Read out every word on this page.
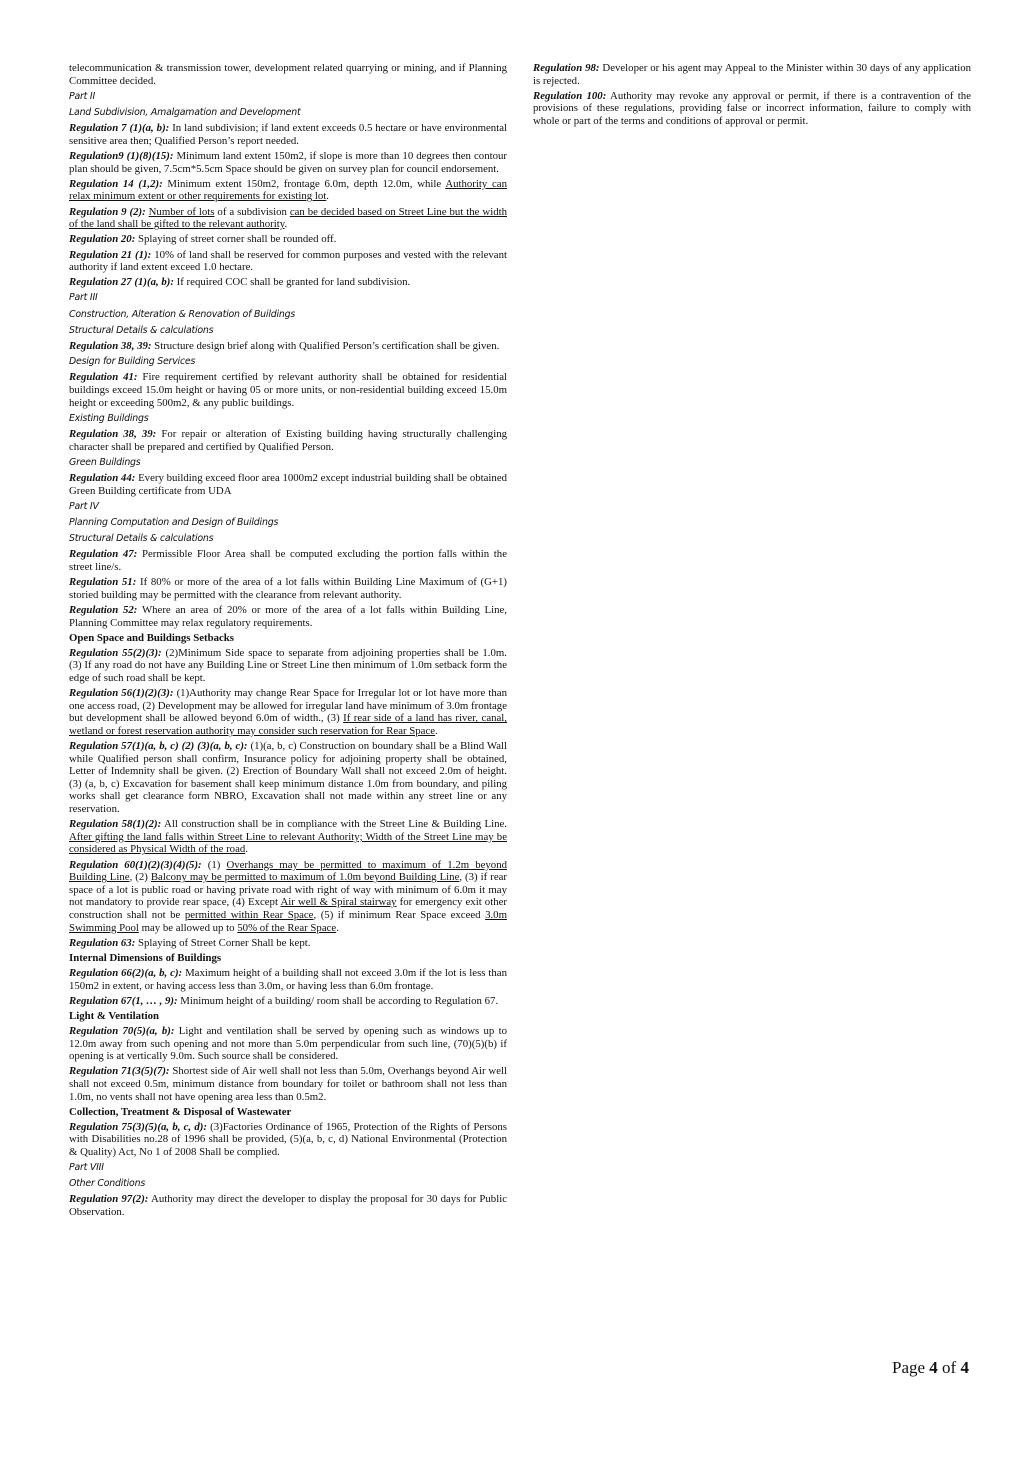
telecommunication & transmission tower, development related quarrying or mining, and if Planning Committee decided.

Part II
Land Subdivision, Amalgamation and Development

Regulation 7 (1)(a, b): In land subdivision; if land extent exceeds 0.5 hectare or have environmental sensitive area then; Qualified Person’s report needed.

Regulation9 (1)(8)(15): Minimum land extent 150m2, if slope is more than 10 degrees then contour plan should be given, 7.5cm*5.5cm Space should be given on survey plan for council endorsement.

Regulation 14 (1,2): Minimum extent 150m2, frontage 6.0m, depth 12.0m, while Authority can relax minimum extent or other requirements for existing lot.

Regulation 9 (2): Number of lots of a subdivision can be decided based on Street Line but the width of the land shall be gifted to the relevant authority.

Regulation 20: Splaying of street corner shall be rounded off.

Regulation 21 (1): 10% of land shall be reserved for common purposes and vested with the relevant authority if land extent exceed 1.0 hectare.

Regulation 27 (1)(a, b): If required COC shall be granted for land subdivision.

Part III
Construction, Alteration & Renovation of Buildings
Structural Details & calculations

Regulation 38, 39: Structure design brief along with Qualified Person’s certification shall be given.

Design for Building Services

Regulation 41: Fire requirement certified by relevant authority shall be obtained for residential buildings exceed 15.0m height or having 05 or more units, or non-residential building exceed 15.0m height or exceeding 500m2, & any public buildings.

Existing Buildings

Regulation 38, 39: For repair or alteration of Existing building having structurally challenging character shall be prepared and certified by Qualified Person.

Green Buildings

Regulation 44: Every building exceed floor area 1000m2 except industrial building shall be obtained Green Building certificate from UDA

Part IV
Planning Computation and Design of Buildings
Structural Details & calculations

Regulation 47: Permissible Floor Area shall be computed excluding the portion falls within the street line/s.

Regulation 51: If 80% or more of the area of a lot falls within Building Line Maximum of (G+1) storied building may be permitted with the clearance from relevant authority.

Regulation 52: Where an area of 20% or more of the area of a lot falls within Building Line, Planning Committee may relax regulatory requirements.

Open Space and Buildings Setbacks

Regulation 55(2)(3): (2)Minimum Side space to separate from adjoining properties shall be 1.0m. (3) If any road do not have any Building Line or Street Line then minimum of 1.0m setback form the edge of such road shall be kept.

Regulation 56(1)(2)(3): (1)Authority may change Rear Space for Irregular lot or lot have more than one access road, (2) Development may be allowed for irregular land have minimum of 3.0m frontage but development shall be allowed beyond 6.0m of width., (3) If rear side of a land has river, canal, wetland or forest reservation authority may consider such reservation for Rear Space.

Regulation 57(1)(a, b, c) (2) (3)(a, b, c): (1)(a, b, c) Construction on boundary shall be a Blind Wall while Qualified person shall confirm, Insurance policy for adjoining property shall be obtained, Letter of Indemnity shall be given. (2) Erection of Boundary Wall shall not exceed 2.0m of height. (3) (a, b, c) Excavation for basement shall keep minimum distance 1.0m from boundary, and piling works shall get clearance form NBRO, Excavation shall not made within any street line or any reservation.

Regulation 58(1)(2): All construction shall be in compliance with the Street Line & Building Line. After gifting the land falls within Street Line to relevant Authority; Width of the Street Line may be considered as Physical Width of the road.

Regulation 60(1)(2)(3)(4)(5): (1) Overhangs may be permitted to maximum of 1.2m beyond Building Line, (2) Balcony may be permitted to maximum of 1.0m beyond Building Line, (3) if rear space of a lot is public road or having private road with right of way with minimum of 6.0m it may not mandatory to provide rear space, (4) Except Air well & Spiral stairway for emergency exit other construction shall not be permitted within Rear Space, (5) if minimum Rear Space exceed 3.0m Swimming Pool may be allowed up to 50% of the Rear Space.

Regulation 63: Splaying of Street Corner Shall be kept.

Internal Dimensions of Buildings

Regulation 66(2)(a, b, c): Maximum height of a building shall not exceed 3.0m if the lot is less than 150m2 in extent, or having access less than 3.0m, or having less than 6.0m frontage.

Regulation 67(1, … , 9): Minimum height of a building/ room shall be according to Regulation 67.

Light & Ventilation

Regulation 70(5)(a, b): Light and ventilation shall be served by opening such as windows up to 12.0m away from such opening and not more than 5.0m perpendicular from such line, (70)(5)(b) if opening is at vertically 9.0m. Such source shall be considered.

Regulation 71(3(5)(7): Shortest side of Air well shall not less than 5.0m, Overhangs beyond Air well shall not exceed 0.5m, minimum distance from boundary for toilet or bathroom shall not less than 1.0m, no vents shall not have opening area less than 0.5m2.

Collection, Treatment & Disposal of Wastewater

Regulation 75(3)(5)(a, b, c, d): (3)Factories Ordinance of 1965, Protection of the Rights of Persons with Disabilities no.28 of 1996 shall be provided, (5)(a, b, c, d) National Environmental (Protection & Quality) Act, No 1 of 2008 Shall be complied.

Part VIII
Other Conditions

Regulation 97(2): Authority may direct the developer to display the proposal for 30 days for Public Observation.

Regulation 98: Developer or his agent may Appeal to the Minister within 30 days of any application is rejected.

Regulation 100: Authority may revoke any approval or permit, if there is a contravention of the provisions of these regulations, providing false or incorrect information, failure to comply with whole or part of the terms and conditions of approval or permit.

Page 4 of 4
